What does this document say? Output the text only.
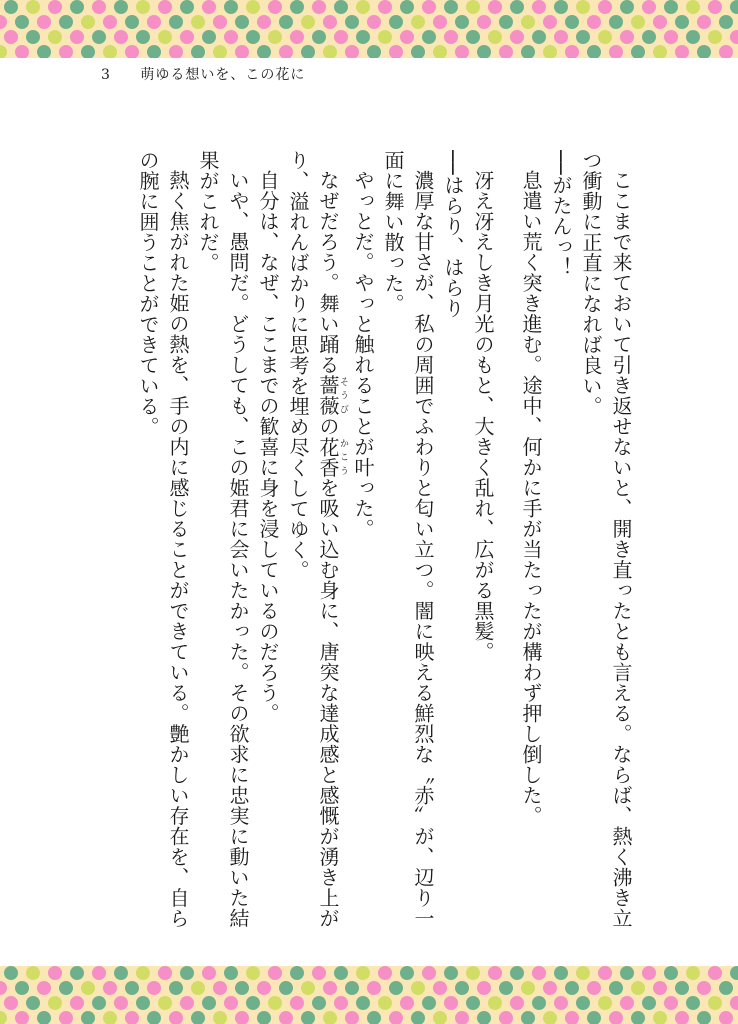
3 萌ゆる想いを、この花に

ここまで来ておいて引き返せないと、開き直ったとも言える。ならば、熱く沸き立つ衝動に正直になれば良い。

──がたんっ！

息遣い荒く突き進む。途中、何かに手が当たったが構わず押し倒した。

冴え冴えしき月光のもと、大きく乱れ、広がる黒髪。

──はらり、はらり

濃厚な甘さが、私の周囲でふわりと匂い立つ。闇に映える鮮烈な〝赤〟が、辺り一面に舞い散った。

やっとだ。やっと触れることが叶った。

なぜだろう。舞い踊る薔薇そうびの花香かこうを吸い込む身に、唐突な達成感と感慨が湧き上がり、溢れんばかりに思考を埋め尽くしてゆく。

自分は、なぜ、ここまでの歓喜に身を浸しているのだろう。

いや、愚問だ。どうしても、この姫君に会いたかった。その欲求に忠実に動いた結果がこれだ。

熱く焦がれた姫の熱を、手の内に感じることができている。艶かしい存在を、自らの腕に囲うことができている。
